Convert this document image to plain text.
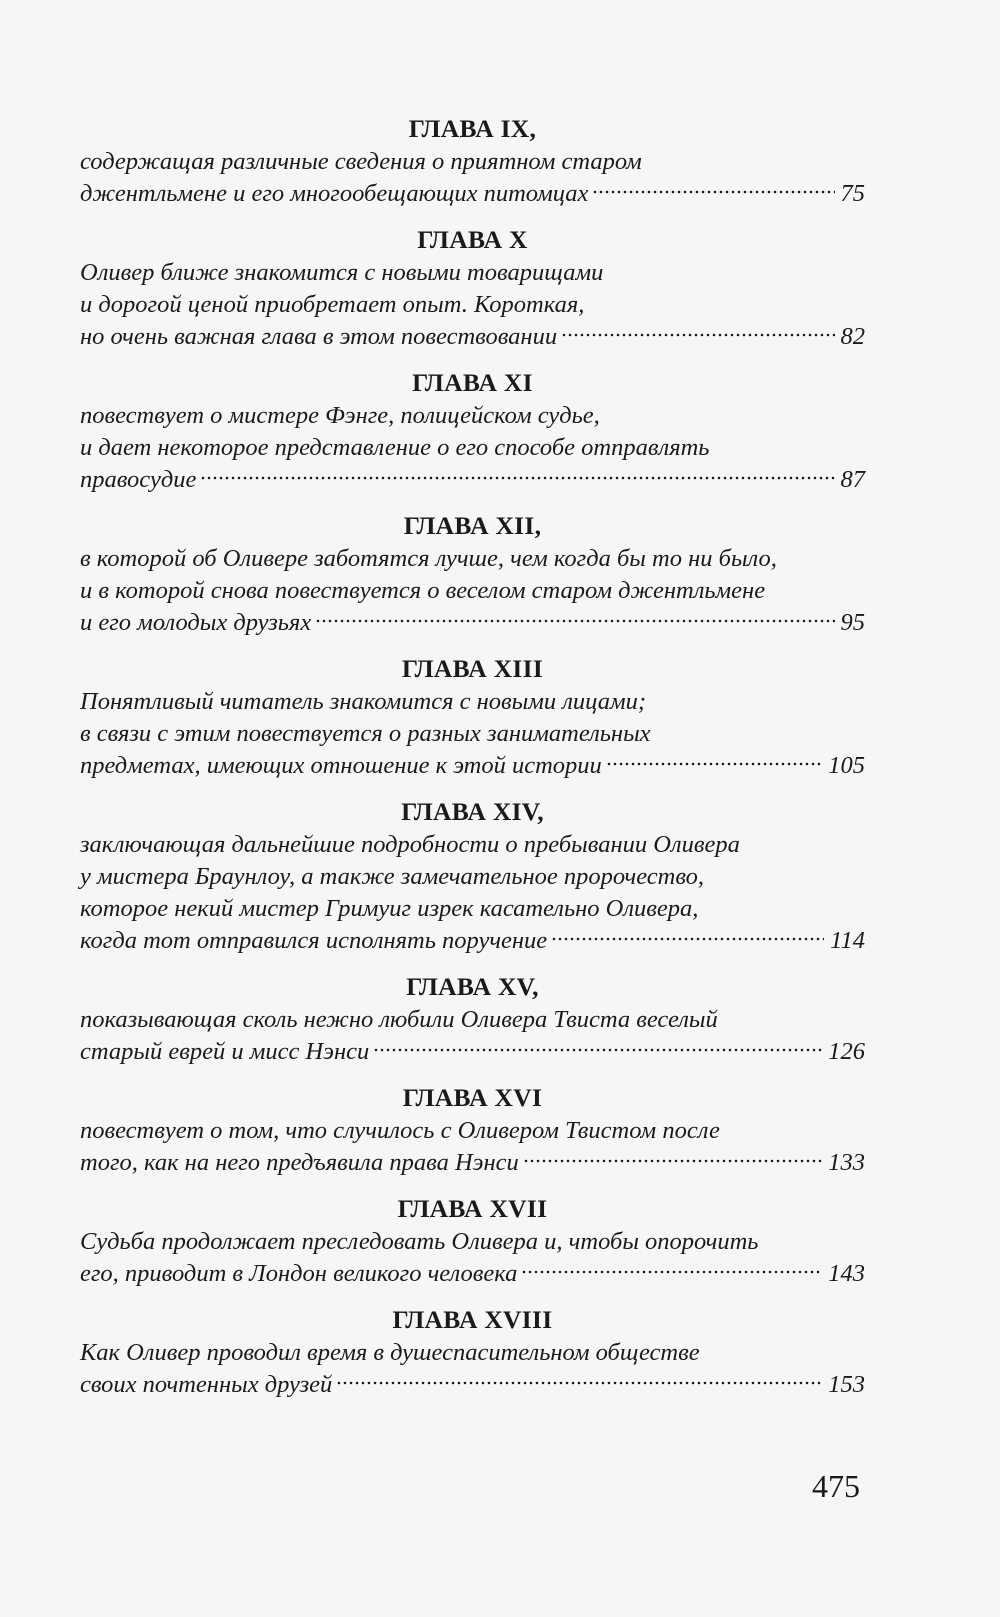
ГЛАВА IX,
содержащая различные сведения о приятном старом
джентльмене и его многообещающих питомцах	75
ГЛАВА X
Оливер ближе знакомится с новыми товарищами
и дорогой ценой приобретает опыт. Короткая,
но очень важная глава в этом повествовании	82
ГЛАВА XI
повествует о мистере Фэнге, полицейском судье,
и дает некоторое представление о его способе отправлять
правосудие	87
ГЛАВА XII,
в которой об Оливере заботятся лучше, чем когда бы то ни было,
и в которой снова повествуется о веселом старом джентльмене
и его молодых друзьях	95
ГЛАВА XIII
Понятливый читатель знакомится с новыми лицами;
в связи с этим повествуется о разных занимательных
предметах, имеющих отношение к этой истории	105
ГЛАВА XIV,
заключающая дальнейшие подробности о пребывании Оливера
у мистера Браунлоу, а также замечательное пророчество,
которое некий мистер Гримуиг изрек касательно Оливера,
когда тот отправился исполнять поручение	114
ГЛАВА XV,
показывающая сколь нежно любили Оливера Твиста веселый
старый еврей и мисс Нэнси	126
ГЛАВА XVI
повествует о том, что случилось с Оливером Твистом после
того, как на него предъявила права Нэнси	133
ГЛАВА XVII
Судьба продолжает преследовать Оливера и, чтобы опорочить
его, приводит в Лондон великого человека	143
ГЛАВА XVIII
Как Оливер проводил время в душеспасительном обществе
своих почтенных друзей	153
475
